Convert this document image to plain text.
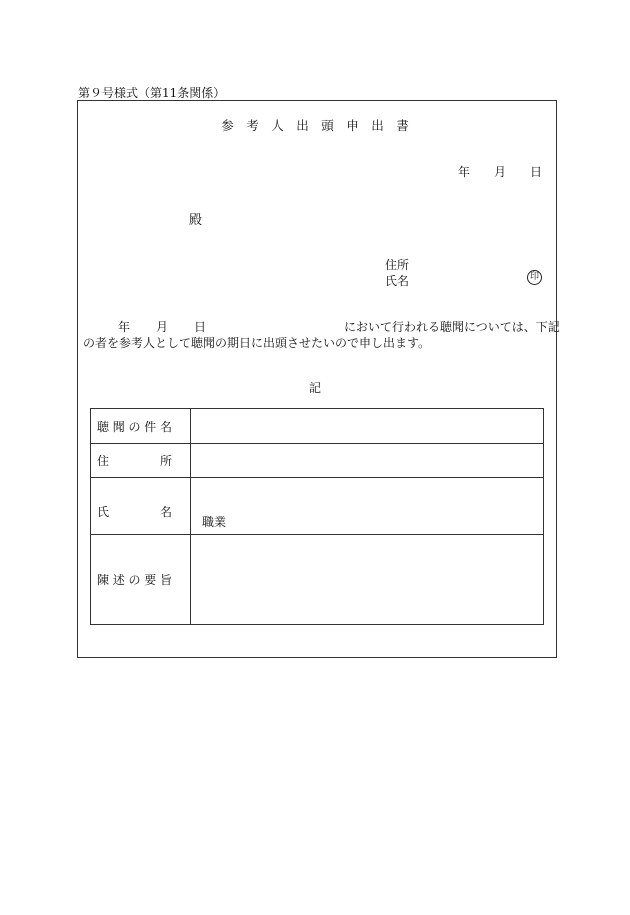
第９号様式（第11条関係）
参  考  人  出  頭  申  出  書
年 月 日
殿
住所
氏名	印
年 月 日	において行われる聴聞については、下記
の者を参考人として聴聞の期日に出頭させたいので申し出ます。
記
聴 聞 の 件 名	

住 所	

氏 名	職業

陳 述 の 要 旨	
